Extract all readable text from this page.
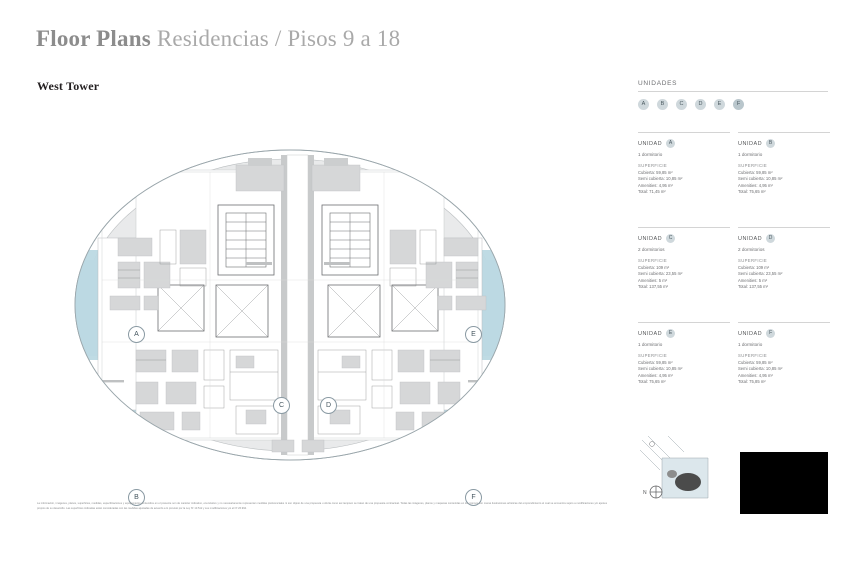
Floor Plans Residencias / Pisos 9 a 18
West Tower
A	E
B	F
C	D
UNIDADES
A	B	C	D	E	F
UNIDAD	A
1 dormitorio
SUPERFICIE
Cubierta: 59,85 m²
Semi cubierta: 10,85 m²
Amenities: 4,95 m²
Total: 71,45 m²
UNIDAD	B
1 dormitorio
SUPERFICIE
Cubierta: 59,85 m²
Semi cubierta: 10,85 m²
Amenities: 4,95 m²
Total: 75,65 m²
UNIDAD	C
2 dormitorios
SUPERFICIE
Cubierta: 109 m²
Semi cubierta: 23,55 m²
Amenities: 5 m²
Total: 137,55 m²
UNIDAD	D
2 dormitorios
SUPERFICIE
Cubierta: 109 m²
Semi cubierta: 23,55 m²
Amenities: 5 m²
Total: 137,55 m²
UNIDAD	E
1 dormitorio
SUPERFICIE
Cubierta: 59,85 m²
Semi cubierta: 10,85 m²
Amenities: 4,95 m²
Total: 75,65 m²
UNIDAD	F
1 dormitorio
SUPERFICIE
Cubierta: 59,85 m²
Semi cubierta: 10,85 m²
Amenities: 4,95 m²
Total: 75,85 m²
N
La información, imágenes, planos, superficies, medidas, especificaciones y equipamiento contenidos en el presente son de carácter indicativo, enunciativo y no necesariamente representan medidas preferenciales ni son objeto de una propuesta u oferta como así tampoco se tratan de una propuesta contractual. Todas las imágenes, planos y maquetas contenidas en los mismos son meras ilustraciones artísticas del emprendimiento el cual se encuentra sujeto a modificaciones y/o ajustes propios de su desarrollo. Las superficies indicadas están consideradas con las medidas ajustadas de acuerdo a lo previsto por la Ley Nº 13.512 y sus modificaciones y/o el Nº 26.994.
